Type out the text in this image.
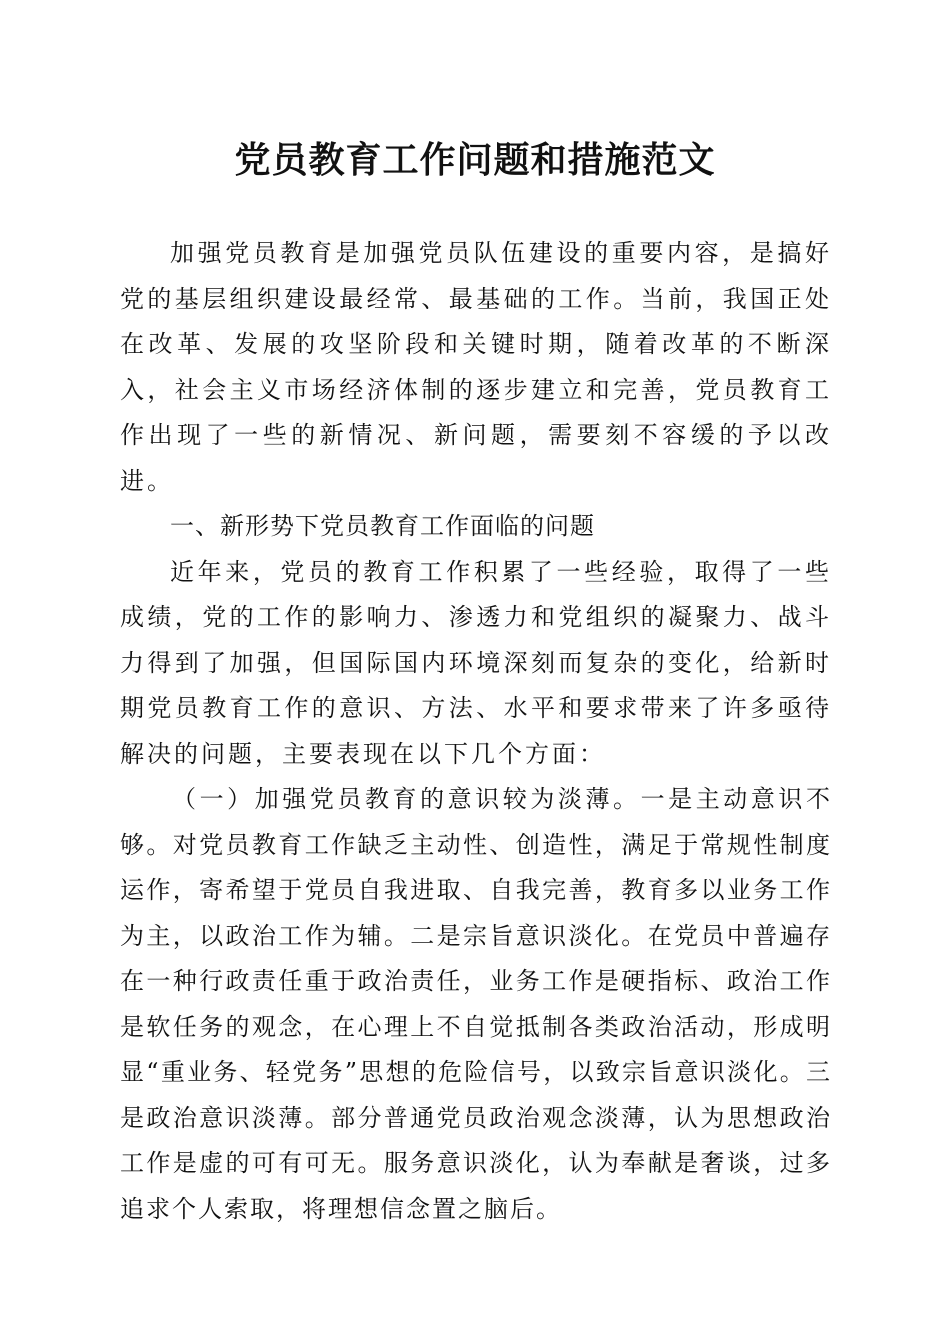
党员教育工作问题和措施范文

加强党员教育是加强党员队伍建设的重要内容，是搞好党的基层组织建设最经常、最基础的工作。当前，我国正处在改革、发展的攻坚阶段和关键时期，随着改革的不断深入，社会主义市场经济体制的逐步建立和完善，党员教育工作出现了一些的新情况、新问题，需要刻不容缓的予以改进。

一、新形势下党员教育工作面临的问题

近年来，党员的教育工作积累了一些经验，取得了一些成绩，党的工作的影响力、渗透力和党组织的凝聚力、战斗力得到了加强，但国际国内环境深刻而复杂的变化，给新时期党员教育工作的意识、方法、水平和要求带来了许多亟待解决的问题，主要表现在以下几个方面：

（一）加强党员教育的意识较为淡薄。一是主动意识不够。对党员教育工作缺乏主动性、创造性，满足于常规性制度运作，寄希望于党员自我进取、自我完善，教育多以业务工作为主，以政治工作为辅。二是宗旨意识淡化。在党员中普遍存在一种行政责任重于政治责任，业务工作是硬指标、政治工作是软任务的观念，在心理上不自觉抵制各类政治活动，形成明显“重业务、轻党务”思想的危险信号，以致宗旨意识淡化。三是政治意识淡薄。部分普通党员政治观念淡薄，认为思想政治工作是虚的可有可无。服务意识淡化，认为奉献是奢谈，过多追求个人索取，将理想信念置之脑后。
